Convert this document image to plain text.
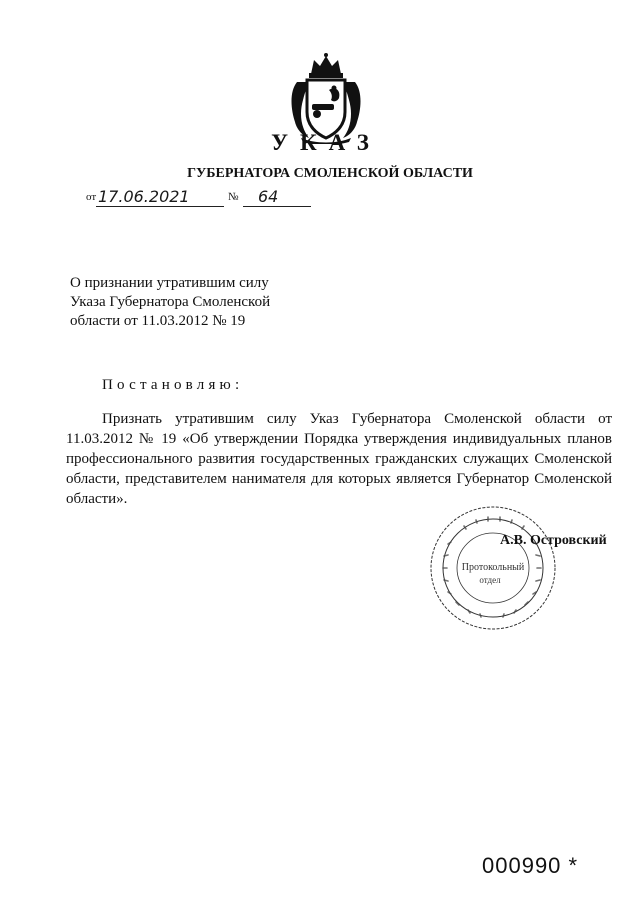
УКАЗ
ГУБЕРНАТОРА СМОЛЕНСКОЙ ОБЛАСТИ
от 17.06.2021	№ 64
О признании утратившим силу
Указа Губернатора Смоленской
области от 11.03.2012 № 19
Постановляю:
Признать утратившим силу Указ Губернатора Смоленской области от
11.03.2012 № 19 «Об утверждении Порядка утверждения индивидуальных планов
профессионального развития государственных гражданских служащих Смоленской
области, представителем нанимателя для которых является Губернатор Смоленской
области».
Протокольный
отдел
А.В. Островский
000990 *
